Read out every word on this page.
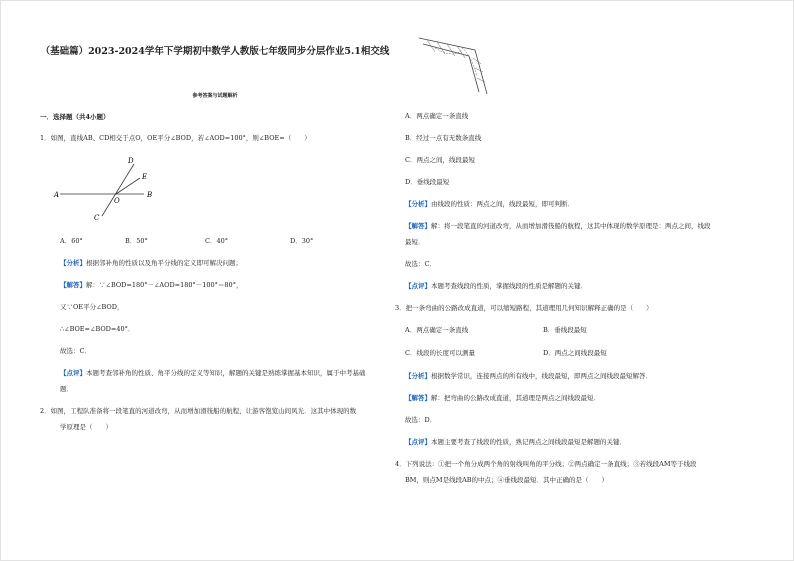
（基础篇）2023-2024学年下学期初中数学人教版七年级同步分层作业5.1相交线
参考答案与试题解析
一．选择题（共4小题）
1．如图，直线AB、CD相交于点O，OE平分∠BOD，若∠AOD=100°，则∠BOE=（　　）
A	B
C
D
E
O
A．60°	B．50°	C．40°	D．30°
【分析】根据邻补角的性质以及角平分线的定义即可解决问题；
【解答】解：∵∠BOD=180°－∠AOD=180°－100°＝80°，
又∵OE平分∠BOD，
∴∠BOE=∠BOD=40°．
故选：C．
【点评】本题考查邻补角的性质、角平分线的定义等知识，解题的关键是熟练掌握基本知识，属于中考基础
题．
2．如图，工程队准备将一段笔直的河道改弯，从而增加滑筏船的航程，让游客饱览山间风光．这其中体现的数
学原理是（　　）
A．两点确定一条直线
B．经过一点有无数条直线
C．两点之间，线段最短
D．垂线段最短
【分析】由线段的性质：两点之间，线段最短，即可判断．
【解答】解：将一段笔直的河道改弯，从而增加滑筏船的航程，这其中体现的数学原理是：两点之间，线段
最短．
故选：C．
【点评】本题考查线段的性质，掌握线段的性质是解题的关键．
3．把一条弯曲的公路改成直道，可以缩短路程，其道理用几何知识解释正确的是（　　）
A．两点确定一条直线	B．垂线段最短
C．线段的长度可以测量	D．两点之间线段最短
【分析】根据数学常识，连接两点的所有线中，线段最短，即两点之间线段最短解答．
【解答】解：把弯曲的公路改成直道，其道理是两点之间线段最短．
故选：D．
【点评】本题主要考查了线段的性质，熟记两点之间线段最短是解题的关键．
4．下列说法：①把一个角分成两个角的射线叫角的平分线；②两点确定一条直线；③若线段AM等于线段
BM，则点M是线段AB的中点；④垂线段最短．其中正确的是（　　）
